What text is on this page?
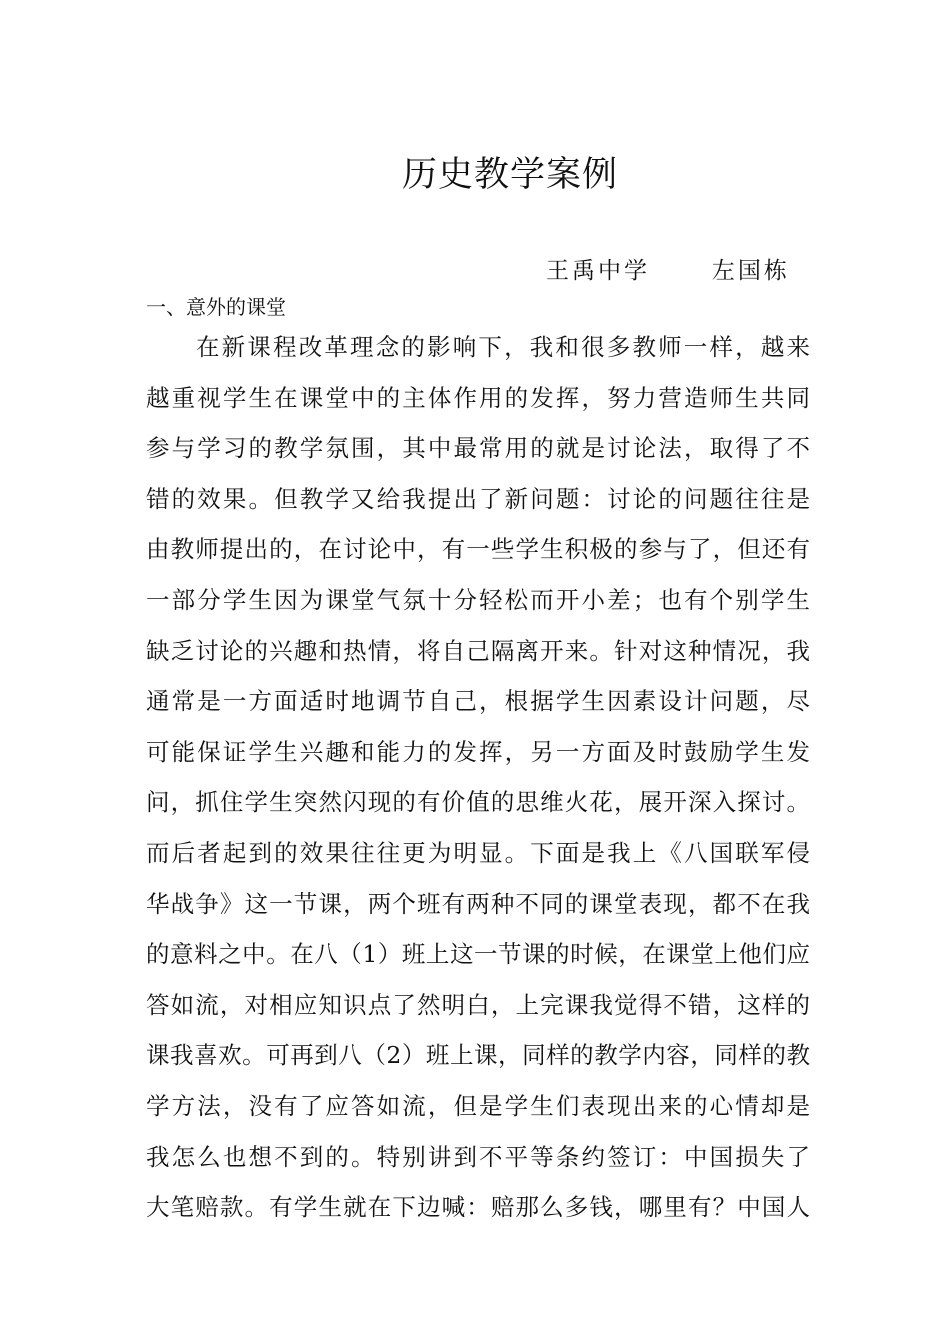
历史教学案例
王禹中学      左国栋
一、意外的课堂
在新课程改革理念的影响下，我和很多教师一样，越来
越重视学生在课堂中的主体作用的发挥，努力营造师生共同
参与学习的教学氛围，其中最常用的就是讨论法，取得了不
错的效果。但教学又给我提出了新问题：讨论的问题往往是
由教师提出的，在讨论中，有一些学生积极的参与了，但还有
一部分学生因为课堂气氛十分轻松而开小差；也有个别学生
缺乏讨论的兴趣和热情，将自己隔离开来。针对这种情况，我
通常是一方面适时地调节自己，根据学生因素设计问题，尽
可能保证学生兴趣和能力的发挥，另一方面及时鼓励学生发
问，抓住学生突然闪现的有价值的思维火花，展开深入探讨。
而后者起到的效果往往更为明显。下面是我上《八国联军侵
华战争》这一节课，两个班有两种不同的课堂表现，都不在我
的意料之中。在八（1）班上这一节课的时候，在课堂上他们应
答如流，对相应知识点了然明白，上完课我觉得不错，这样的
课我喜欢。可再到八（2）班上课，同样的教学内容，同样的教
学方法，没有了应答如流，但是学生们表现出来的心情却是
我怎么也想不到的。特别讲到不平等条约签订：中国损失了
大笔赔款。有学生就在下边喊：赔那么多钱，哪里有？中国人
